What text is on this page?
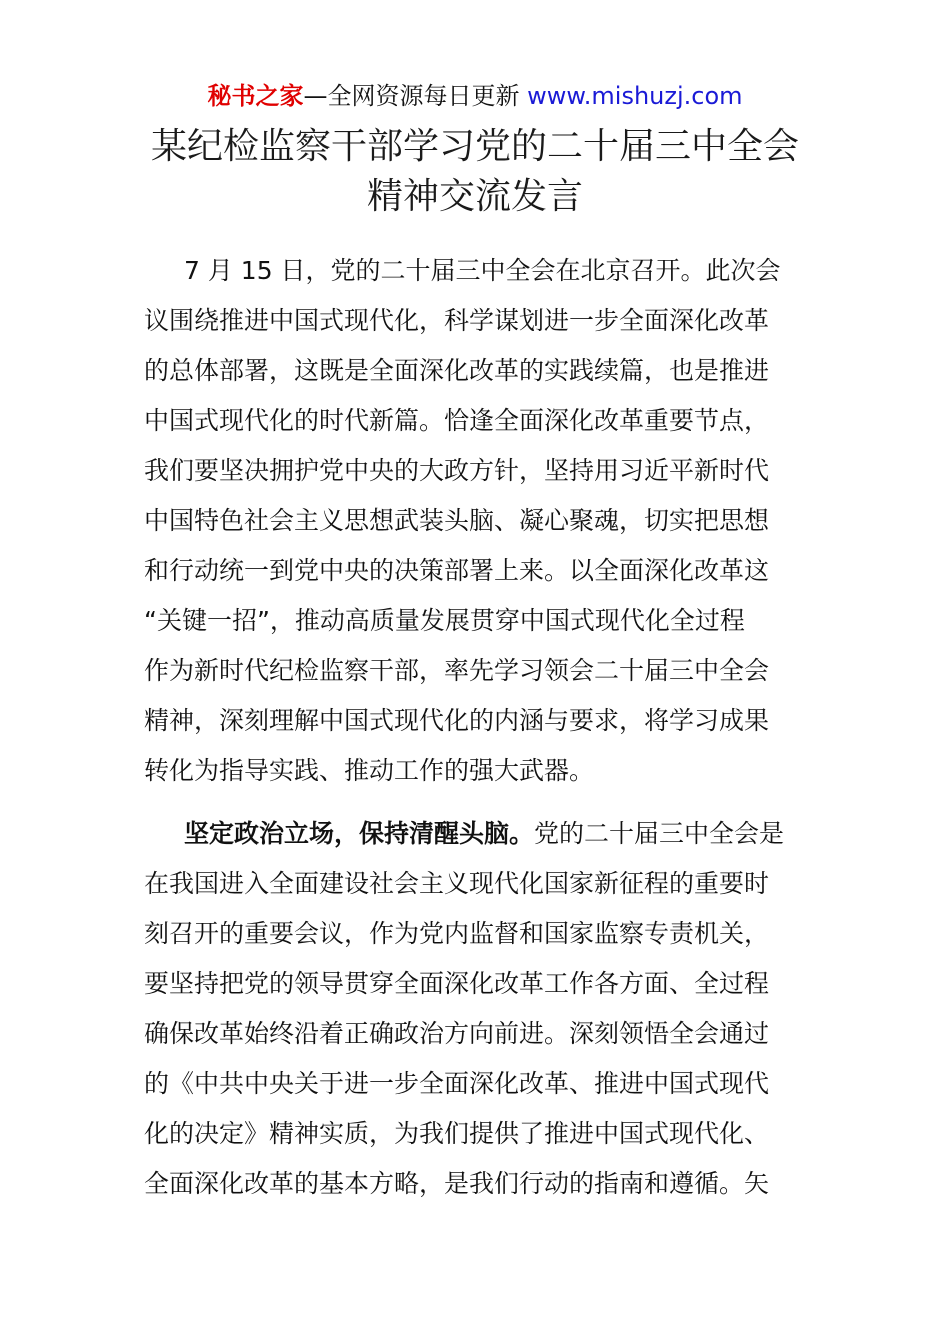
秘书之家—全网资源每日更新 www.mishuzj.com
某纪检监察干部学习党的二十届三中全会
精神交流发言
7 月 15 日，党的二十届三中全会在北京召开。此次会
议围绕推进中国式现代化，科学谋划进一步全面深化改革
的总体部署，这既是全面深化改革的实践续篇，也是推进
中国式现代化的时代新篇。恰逢全面深化改革重要节点，
我们要坚决拥护党中央的大政方针，坚持用习近平新时代
中国特色社会主义思想武装头脑、凝心聚魂，切实把思想
和行动统一到党中央的决策部署上来。以全面深化改革这
“关键一招”，推动高质量发展贯穿中国式现代化全过程
作为新时代纪检监察干部，率先学习领会二十届三中全会
精神，深刻理解中国式现代化的内涵与要求，将学习成果
转化为指导实践、推动工作的强大武器。
坚定政治立场，保持清醒头脑。党的二十届三中全会是
在我国进入全面建设社会主义现代化国家新征程的重要时
刻召开的重要会议，作为党内监督和国家监察专责机关，
要坚持把党的领导贯穿全面深化改革工作各方面、全过程
确保改革始终沿着正确政治方向前进。深刻领悟全会通过
的《中共中央关于进一步全面深化改革、推进中国式现代
化的决定》精神实质，为我们提供了推进中国式现代化、
全面深化改革的基本方略，是我们行动的指南和遵循。矢
